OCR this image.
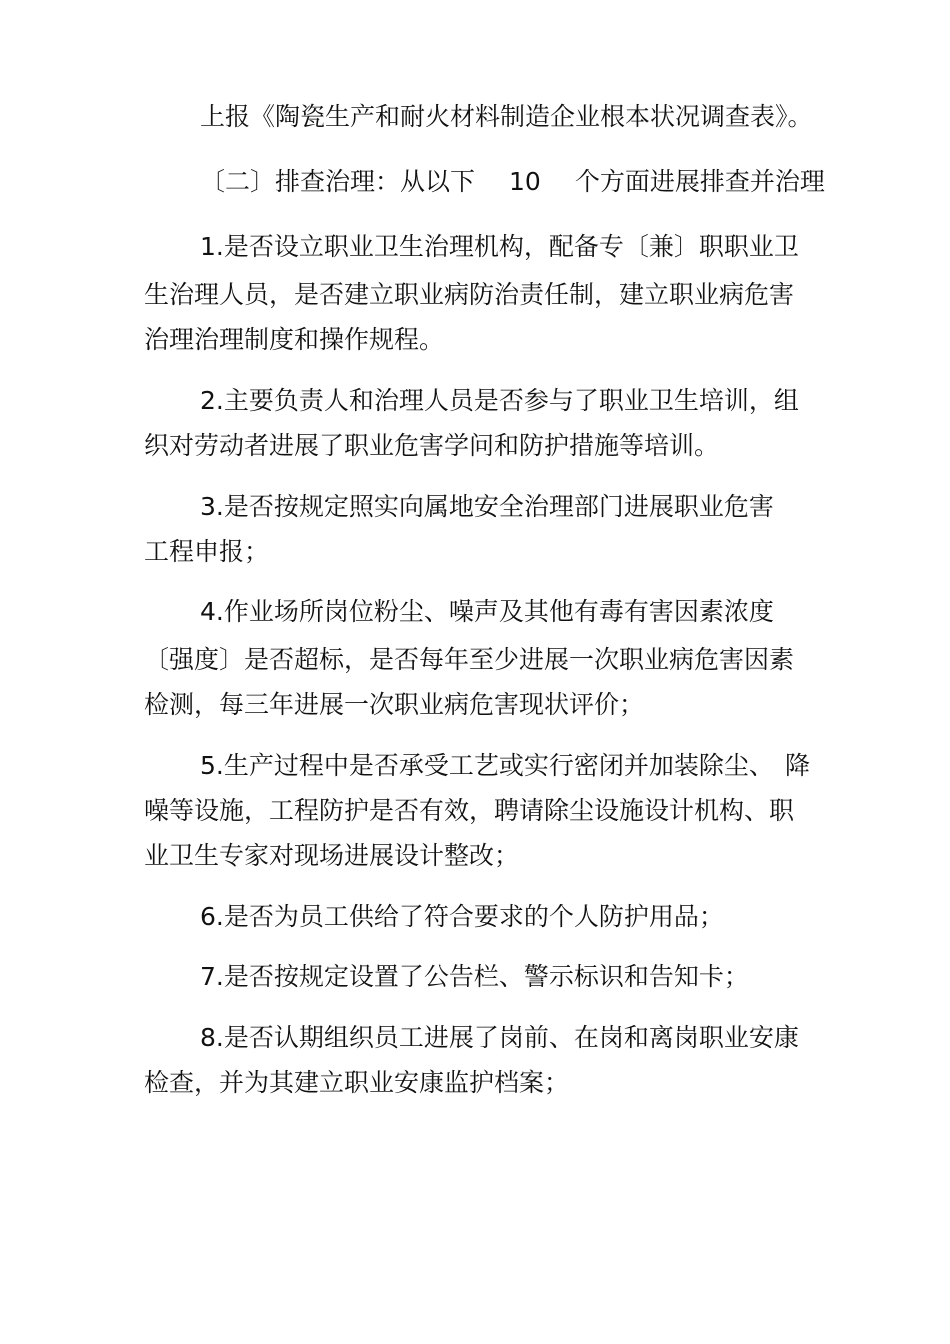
上报《陶瓷生产和耐火材料制造企业根本状况调查表》。
〔二〕排查治理：从以下 10 个方面进展排查并治理
1.是否设立职业卫生治理机构，配备专〔兼〕职职业卫
生治理人员，是否建立职业病防治责任制，建立职业病危害
治理治理制度和操作规程。
2.主要负责人和治理人员是否参与了职业卫生培训，组
织对劳动者进展了职业危害学问和防护措施等培训。
3.是否按规定照实向属地安全治理部门进展职业危害
工程申报；
4.作业场所岗位粉尘、噪声及其他有毒有害因素浓度
〔强度〕是否超标，是否每年至少进展一次职业病危害因素
检测，每三年进展一次职业病危害现状评价；
5.生产过程中是否承受工艺或实行密闭并加装除尘、 降
噪等设施，工程防护是否有效，聘请除尘设施设计机构、职
业卫生专家对现场进展设计整改；
6.是否为员工供给了符合要求的个人防护用品；
7.是否按规定设置了公告栏、警示标识和告知卡；
8.是否认期组织员工进展了岗前、在岗和离岗职业安康
检查，并为其建立职业安康监护档案；
